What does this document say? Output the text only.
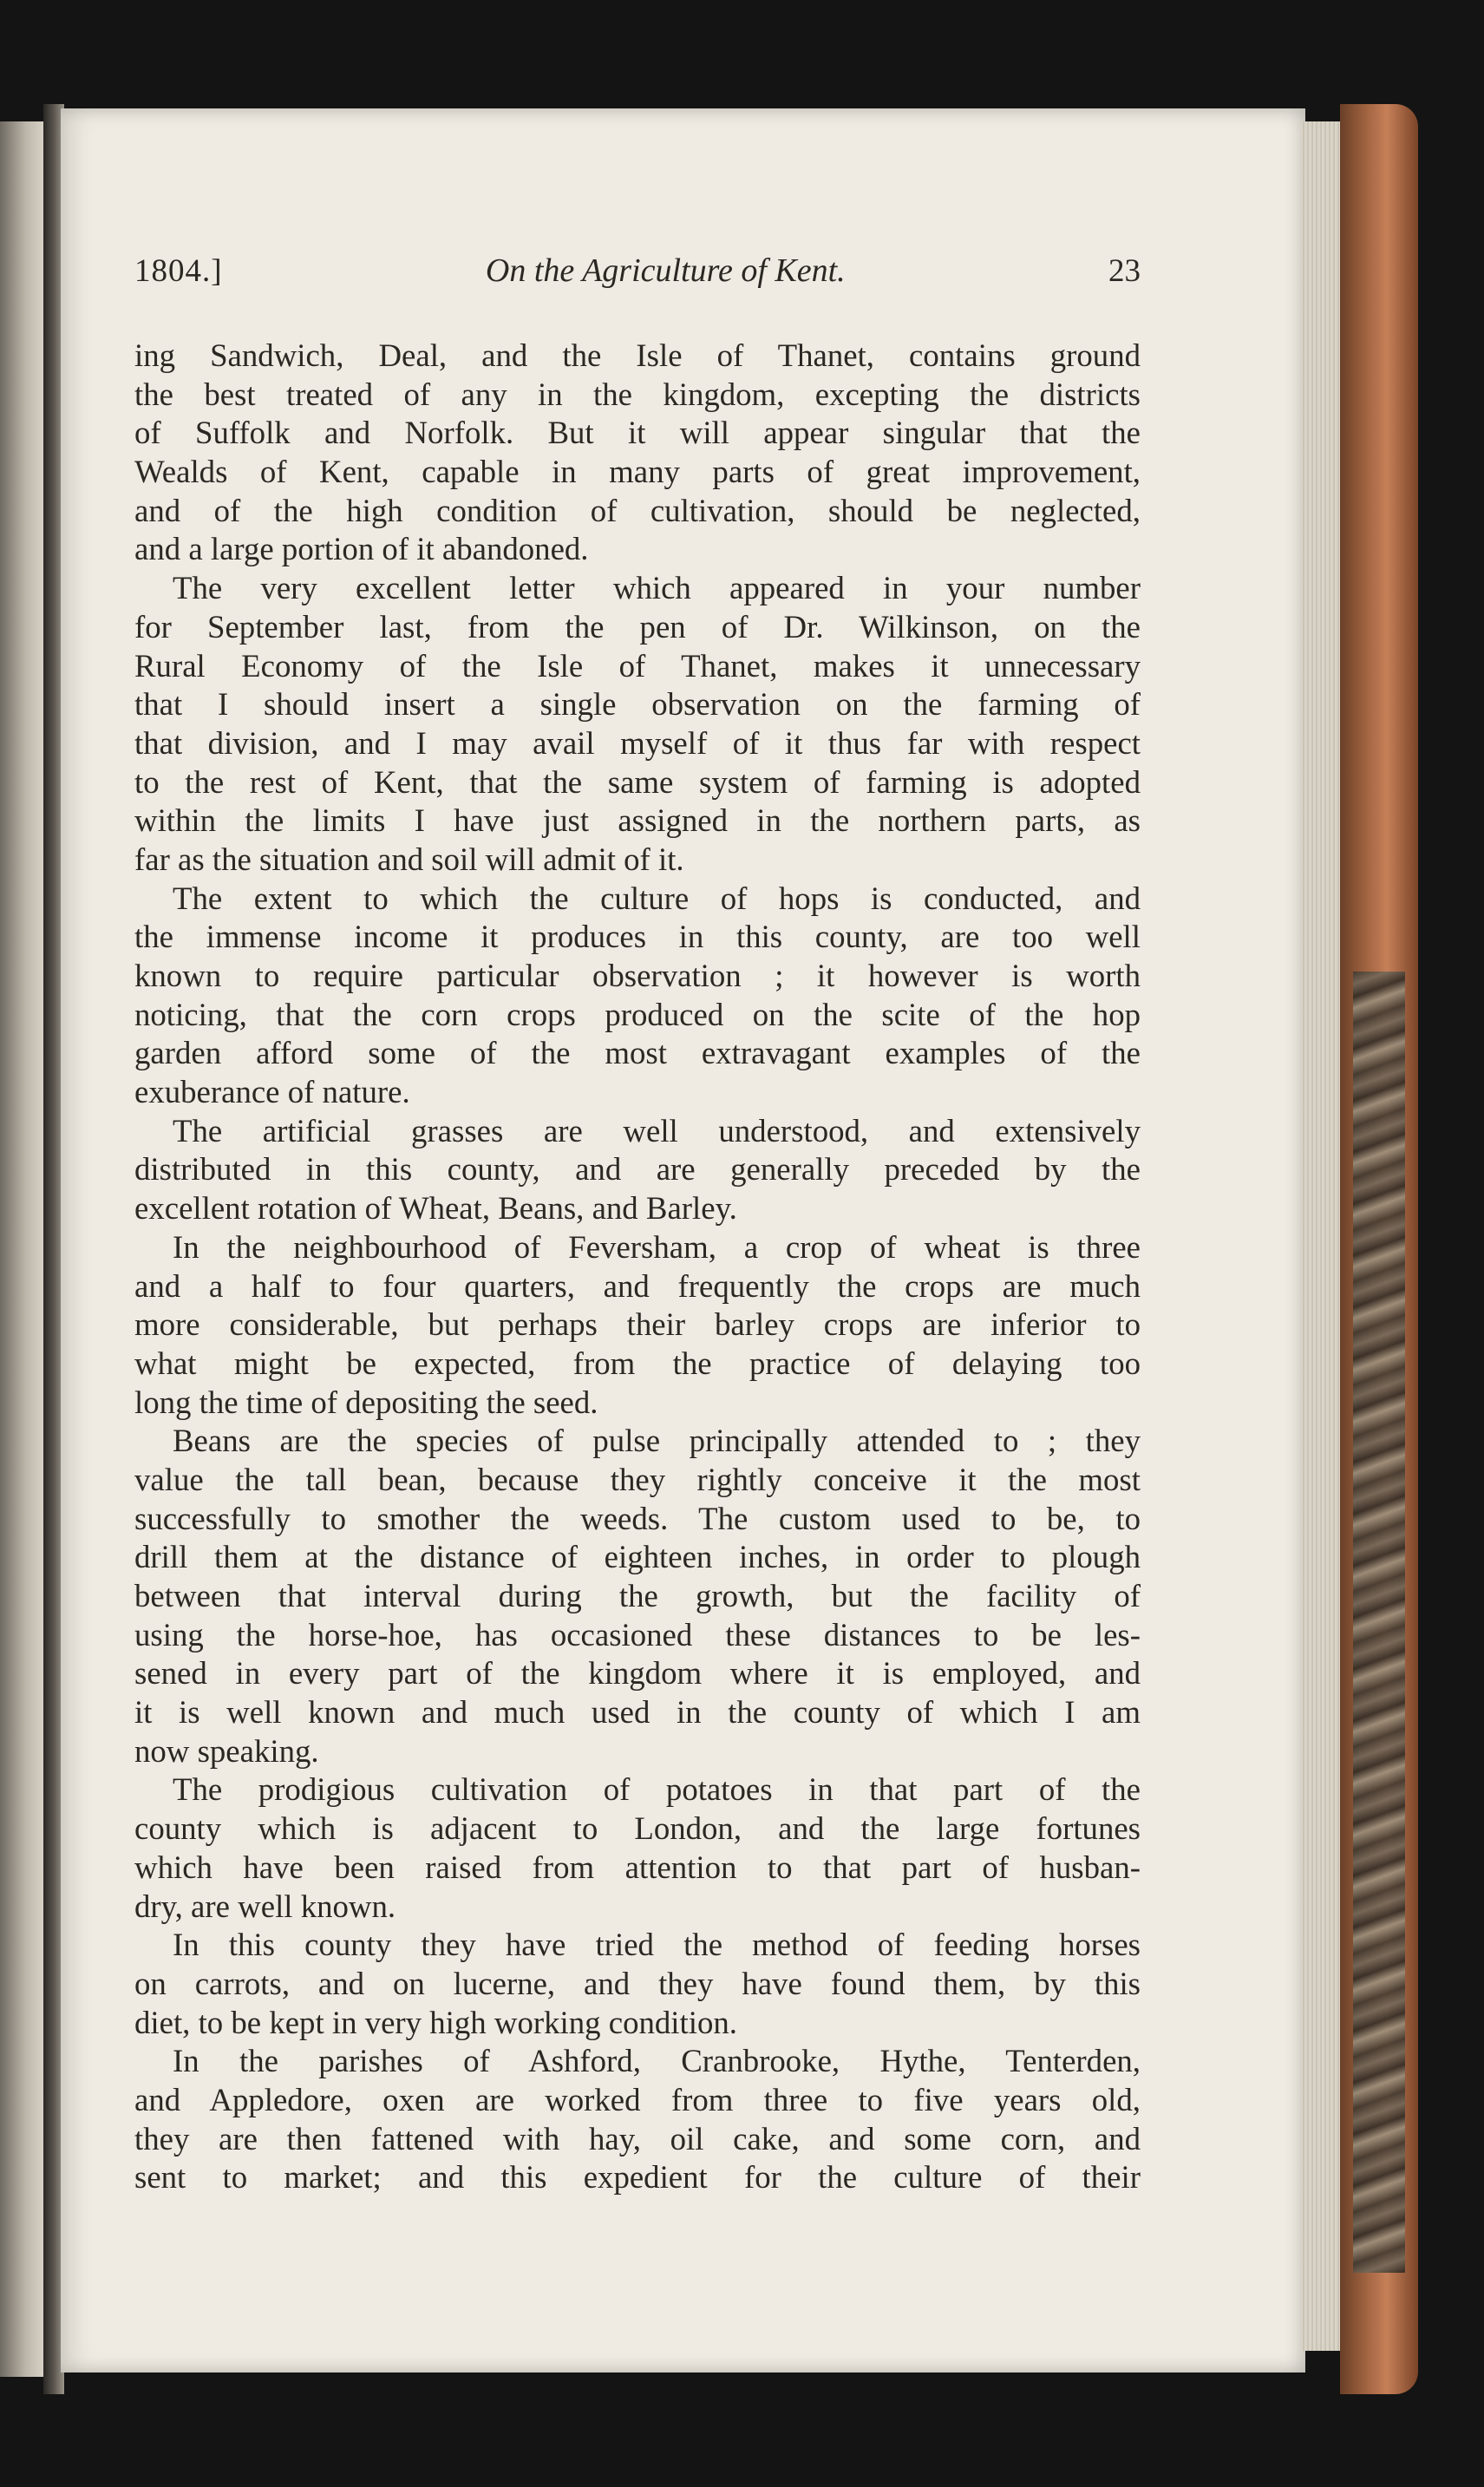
1804.]	On the Agriculture of Kent.	23
ing Sandwich, Deal, and the Isle of Thanet, contains ground
the best treated of any in the kingdom, excepting the districts
of Suffolk and Norfolk. But it will appear singular that the
Wealds of Kent, capable in many parts of great improvement,
and of the high condition of cultivation, should be neglected,
and a large portion of it abandoned.
The very excellent letter which appeared in your number
for September last, from the pen of Dr. Wilkinson, on the
Rural Economy of the Isle of Thanet, makes it unnecessary
that I should insert a single observation on the farming of
that division, and I may avail myself of it thus far with respect
to the rest of Kent, that the same system of farming is adopted
within the limits I have just assigned in the northern parts, as
far as the situation and soil will admit of it.
The extent to which the culture of hops is conducted, and
the immense income it produces in this county, are too well
known to require particular observation ; it however is worth
noticing, that the corn crops produced on the scite of the hop
garden afford some of the most extravagant examples of the
exuberance of nature.
The artificial grasses are well understood, and extensively
distributed in this county, and are generally preceded by the
excellent rotation of Wheat, Beans, and Barley.
In the neighbourhood of Feversham, a crop of wheat is three
and a half to four quarters, and frequently the crops are much
more considerable, but perhaps their barley crops are inferior to
what might be expected, from the practice of delaying too
long the time of depositing the seed.
Beans are the species of pulse principally attended to ; they
value the tall bean, because they rightly conceive it the most
successfully to smother the weeds. The custom used to be, to
drill them at the distance of eighteen inches, in order to plough
between that interval during the growth, but the facility of
using the horse-hoe, has occasioned these distances to be les-
sened in every part of the kingdom where it is employed, and
it is well known and much used in the county of which I am
now speaking.
The prodigious cultivation of potatoes in that part of the
county which is adjacent to London, and the large fortunes
which have been raised from attention to that part of husban-
dry, are well known.
In this county they have tried the method of feeding horses
on carrots, and on lucerne, and they have found them, by this
diet, to be kept in very high working condition.
In the parishes of Ashford, Cranbrooke, Hythe, Tenterden,
and Appledore, oxen are worked from three to five years old,
they are then fattened with hay, oil cake, and some corn, and
sent to market; and this expedient for the culture of their
